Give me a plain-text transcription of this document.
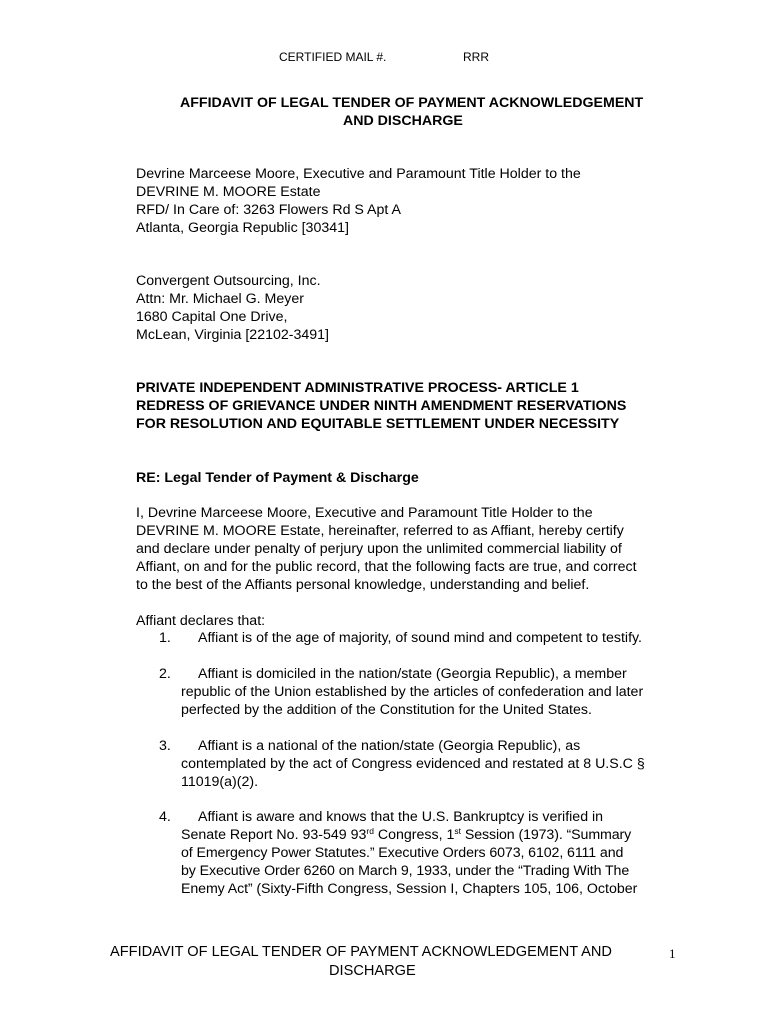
CERTIFIED MAIL #.	RRR
AFFIDAVIT OF LEGAL TENDER OF PAYMENT ACKNOWLEDGEMENT
AND DISCHARGE
Devrine Marceese Moore, Executive and Paramount Title Holder to the
DEVRINE M. MOORE Estate
RFD/ In Care of: 3263 Flowers Rd S Apt A
Atlanta, Georgia Republic [30341]
Convergent Outsourcing, Inc.
Attn: Mr. Michael G. Meyer
1680 Capital One Drive,
McLean, Virginia [22102-3491]
PRIVATE INDEPENDENT ADMINISTRATIVE PROCESS- ARTICLE 1
REDRESS OF GRIEVANCE UNDER NINTH AMENDMENT RESERVATIONS
FOR RESOLUTION AND EQUITABLE SETTLEMENT UNDER NECESSITY
RE: Legal Tender of Payment & Discharge
I, Devrine Marceese Moore, Executive and Paramount Title Holder to the
DEVRINE M. MOORE Estate, hereinafter, referred to as Affiant, hereby certify
and declare under penalty of perjury upon the unlimited commercial liability of
Affiant, on and for the public record, that the following facts are true, and correct
to the best of the Affiants personal knowledge, understanding and belief.
Affiant declares that:
1. Affiant is of the age of majority, of sound mind and competent to testify.
2. Affiant is domiciled in the nation/state (Georgia Republic), a member
republic of the Union established by the articles of confederation and later
perfected by the addition of the Constitution for the United States.
3. Affiant is a national of the nation/state (Georgia Republic), as
contemplated by the act of Congress evidenced and restated at 8 U.S.C §
11019(a)(2).
4. Affiant is aware and knows that the U.S. Bankruptcy is verified in
Senate Report No. 93-549 93rd Congress, 1st Session (1973). “Summary
of Emergency Power Statutes.” Executive Orders 6073, 6102, 6111 and
by Executive Order 6260 on March 9, 1933, under the “Trading With The
Enemy Act” (Sixty-Fifth Congress, Session I, Chapters 105, 106, October
AFFIDAVIT OF LEGAL TENDER OF PAYMENT ACKNOWLEDGEMENT AND
DISCHARGE
1
